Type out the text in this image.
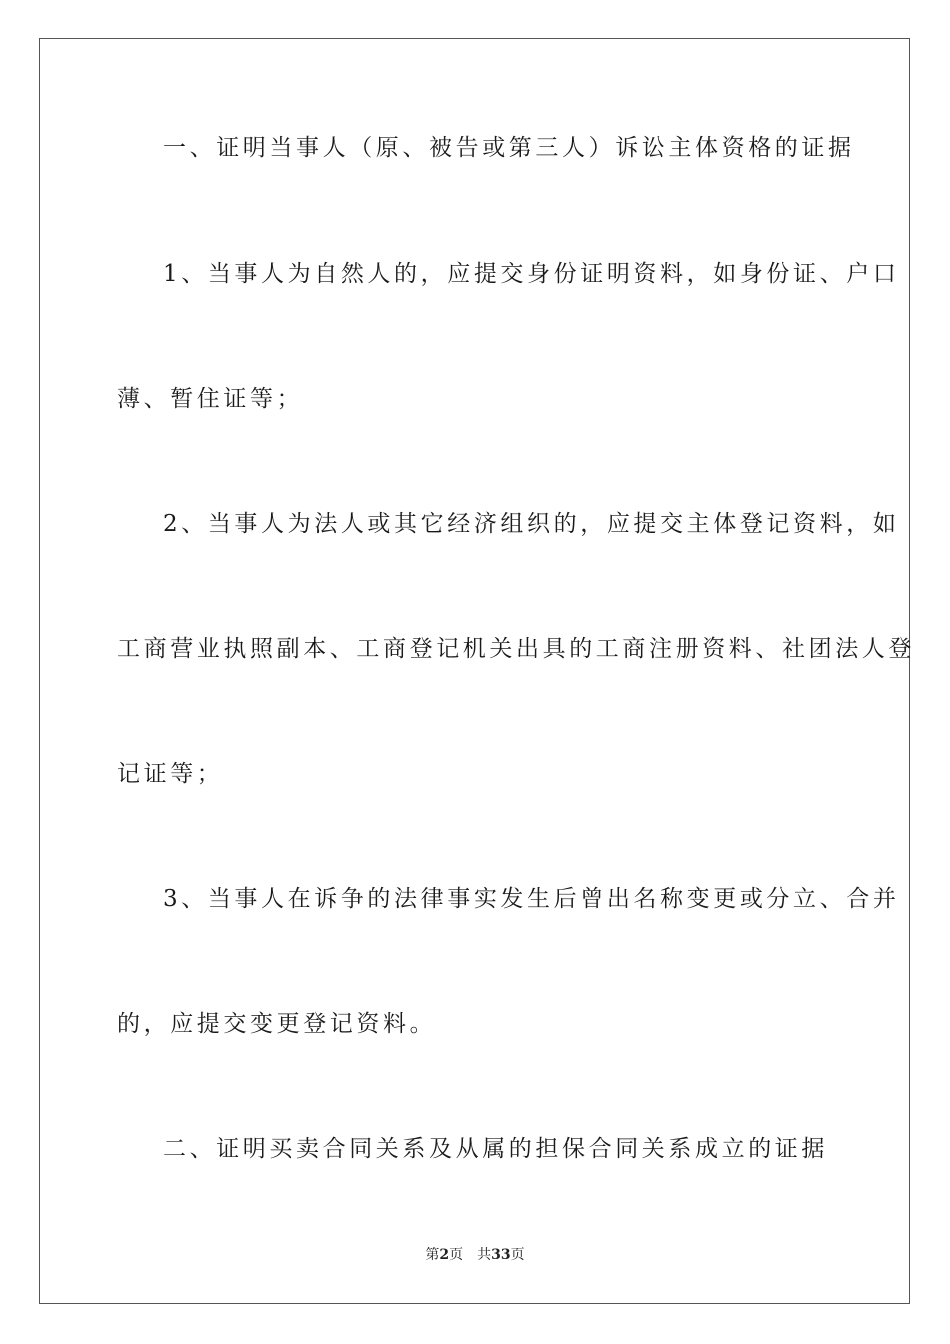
一、证明当事人（原、被告或第三人）诉讼主体资格的证据
1、当事人为自然人的，应提交身份证明资料，如身份证、户口
薄、暂住证等；
2、当事人为法人或其它经济组织的，应提交主体登记资料，如
工商营业执照副本、工商登记机关出具的工商注册资料、社团法人登
记证等；
3、当事人在诉争的法律事实发生后曾出名称变更或分立、合并
的，应提交变更登记资料。
二、证明买卖合同关系及从属的担保合同关系成立的证据
第2页 共33页
